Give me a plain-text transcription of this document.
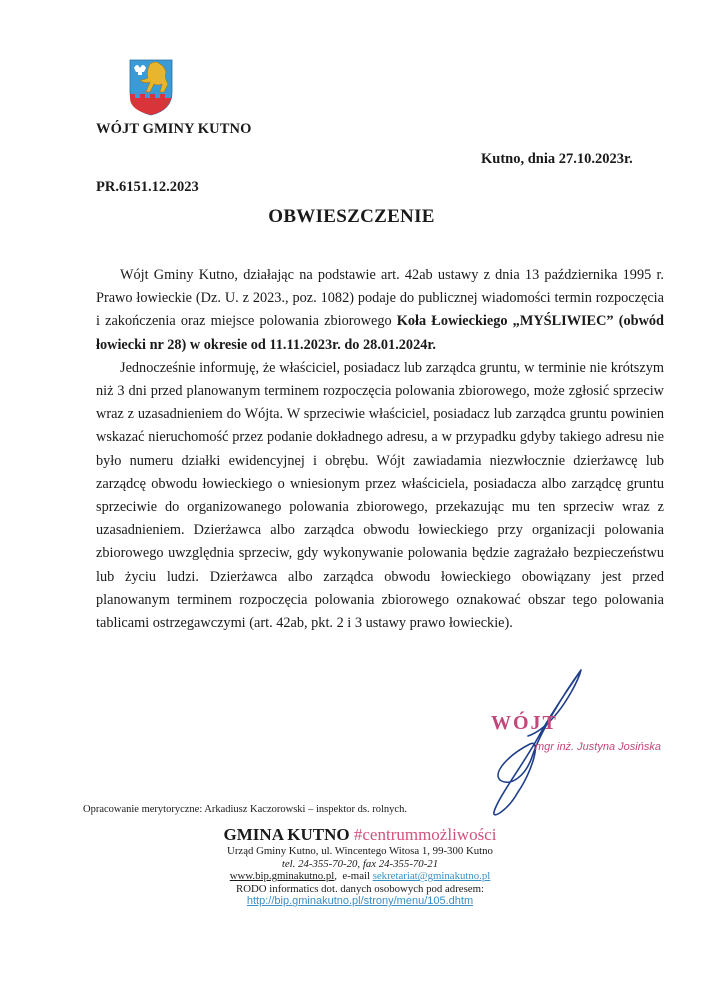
WÓJT GMINY KUTNO
Kutno, dnia 27.10.2023r.
PR.6151.12.2023
OBWIESZCZENIE

Wójt Gminy Kutno, działając na podstawie art. 42ab ustawy z dnia 13 października 1995 r. Prawo łowieckie (Dz. U. z 2023., poz. 1082) podaje do publicznej wiadomości termin rozpoczęcia i zakończenia oraz miejsce polowania zbiorowego Koła Łowieckiego „MYŚLIWIEC” (obwód łowiecki nr 28) w okresie od 11.11.2023r. do 28.01.2024r.

Jednocześnie informuję, że właściciel, posiadacz lub zarządca gruntu, w terminie nie krótszym niż 3 dni przed planowanym terminem rozpoczęcia polowania zbiorowego, może zgłosić sprzeciw wraz z uzasadnieniem do Wójta. W sprzeciwie właściciel, posiadacz lub zarządca gruntu powinien wskazać nieruchomość przez podanie dokładnego adresu, a w przypadku gdyby takiego adresu nie było numeru działki ewidencyjnej i obrębu. Wójt zawiadamia niezwłocznie dzierżawcę lub zarządcę obwodu łowieckiego o wniesionym przez właściciela, posiadacza albo zarządcę gruntu sprzeciwie do organizowanego polowania zbiorowego, przekazując mu ten sprzeciw wraz z uzasadnieniem. Dzierżawca albo zarządca obwodu łowieckiego przy organizacji polowania zbiorowego uwzględnia sprzeciw, gdy wykonywanie polowania będzie zagrażało bezpieczeństwu lub życiu ludzi. Dzierżawca albo zarządca obwodu łowieckiego obowiązany jest przed planowanym terminem rozpoczęcia polowania zbiorowego oznakować obszar tego polowania tablicami ostrzegawczymi (art. 42ab, pkt. 2 i 3 ustawy prawo łowieckie).

WÓJT
mgr inż. Justyna Josińska
Opracowanie merytoryczne: Arkadiusz Kaczorowski – inspektor ds. rolnych.
GMINA KUTNO #centrummożliwości
Urząd Gminy Kutno, ul. Wincentego Witosa 1, 99-300 Kutno
tel. 24-355-70-20, fax 24-355-70-21
www.bip.gminakutno.pl,  e-mail sekretariat@gminakutno.pl
RODO informatics dot. danych osobowych pod adresem:
http://bip.gminakutno.pl/strony/menu/105.dhtm
